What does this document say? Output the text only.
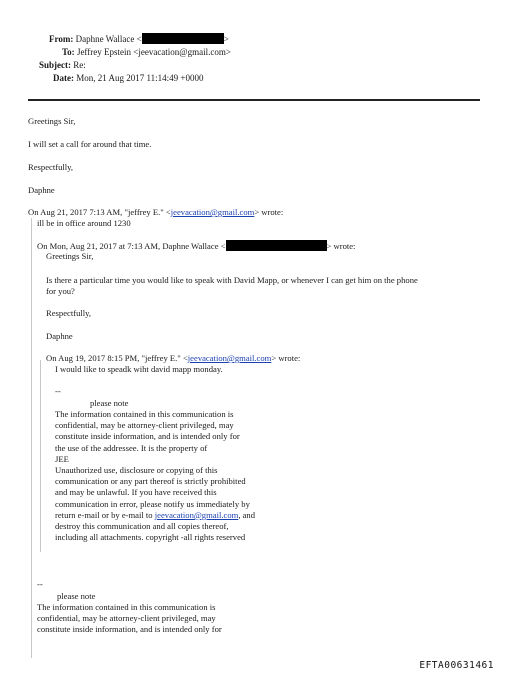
From: Daphne Wallace <	>
To: Jeffrey Epstein <jeevacation@gmail.com>
Subject: Re:
Date: Mon, 21 Aug 2017 11:14:49 +0000
Greetings Sir,
I will set a call for around that time.
Respectfully,
Daphne
On Aug 21, 2017 7:13 AM, "jeffrey E." <jeevacation@gmail.com> wrote:
ill be in office around 1230
On Mon, Aug 21, 2017 at 7:13 AM, Daphne Wallace <	> wrote:
Greetings Sir,
Is there a particular time you would like to speak with David Mapp, or whenever I can get him on the phone
for you?
Respectfully,
Daphne
On Aug 19, 2017 8:15 PM, "jeffrey E." <jeevacation@gmail.com> wrote:
I would like to speadk wiht david mapp monday.
--
please note
The information contained in this communication is
confidential, may be attorney-client privileged, may
constitute inside information, and is intended only for
the use of the addressee. It is the property of
JEE
Unauthorized use, disclosure or copying of this
communication or any part thereof is strictly prohibited
and may be unlawful. If you have received this
communication in error, please notify us immediately by
return e-mail or by e-mail to jeevacation@gmail.com, and
destroy this communication and all copies thereof,
including all attachments. copyright -all rights reserved
--
please note
The information contained in this communication is
confidential, may be attorney-client privileged, may
constitute inside information, and is intended only for
EFTA00631461
